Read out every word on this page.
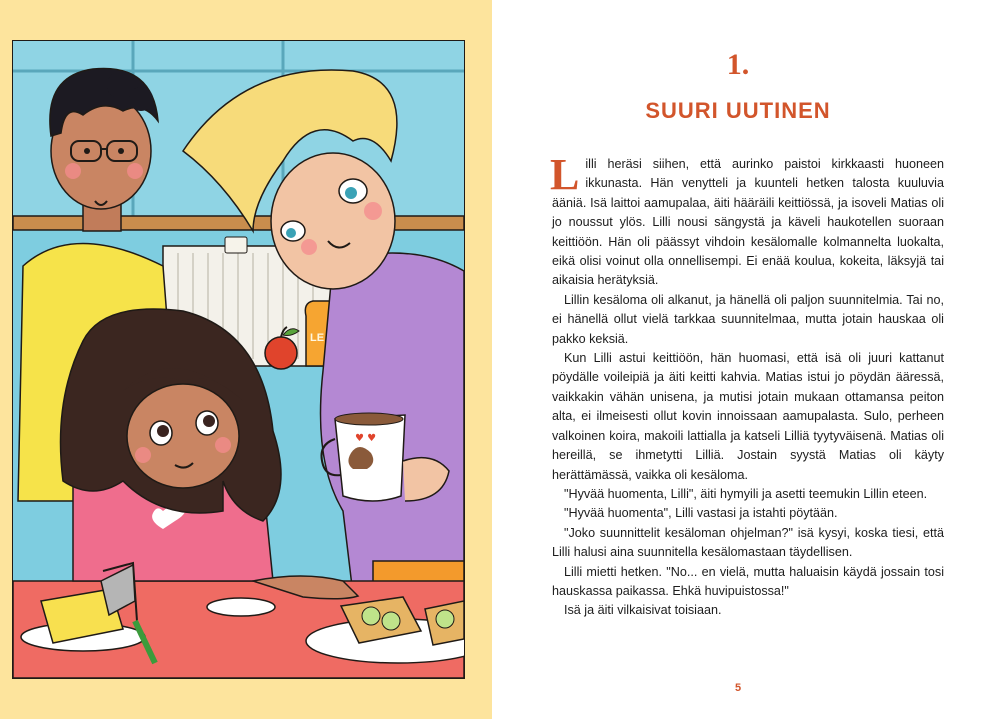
LE
♥ ♥
1.
SUURI UUTINEN

Lilli heräsi siihen, että aurinko paistoi kirkkaasti huoneen ikkunasta. Hän venytteli ja kuunteli hetken talosta kuuluvia ääniä. Isä laittoi aamupalaa, äiti hääräili keittiössä, ja isoveli Matias oli jo noussut ylös. Lilli nousi sängystä ja käveli haukotellen suoraan keittiöön. Hän oli päässyt vihdoin kesälomalle kolmannelta luokalta, eikä olisi voinut olla onnellisempi. Ei enää koulua, kokeita, läksyjä tai aikaisia herätyksiä.

Lillin kesäloma oli alkanut, ja hänellä oli paljon suunnitelmia. Tai no, ei hänellä ollut vielä tarkkaa suunnitelmaa, mutta jotain hauskaa oli pakko keksiä.

Kun Lilli astui keittiöön, hän huomasi, että isä oli juuri kattanut pöydälle voileipiä ja äiti keitti kahvia. Matias istui jo pöydän ääressä, vaikkakin vähän unisena, ja mutisi jotain mukaan ottamansa peiton alta, ei ilmeisesti ollut kovin innoissaan aamupalasta. Sulo, perheen valkoinen koira, makoili lattialla ja katseli Lilliä tyytyväisenä. Matias oli hereillä, se ihmetytti Lilliä. Jostain syystä Matias oli käyty herättämässä, vaikka oli kesäloma.

"Hyvää huomenta, Lilli", äiti hymyili ja asetti teemukin Lillin eteen.

"Hyvää huomenta", Lilli vastasi ja istahti pöytään.

"Joko suunnittelit kesäloman ohjelman?" isä kysyi, koska tiesi, että Lilli halusi aina suunnitella kesälomastaan täydellisen.

Lilli mietti hetken. "No... en vielä, mutta haluaisin käydä jossain tosi hauskassa paikassa. Ehkä huvipuistossa!"

Isä ja äiti vilkaisivat toisiaan.

5
